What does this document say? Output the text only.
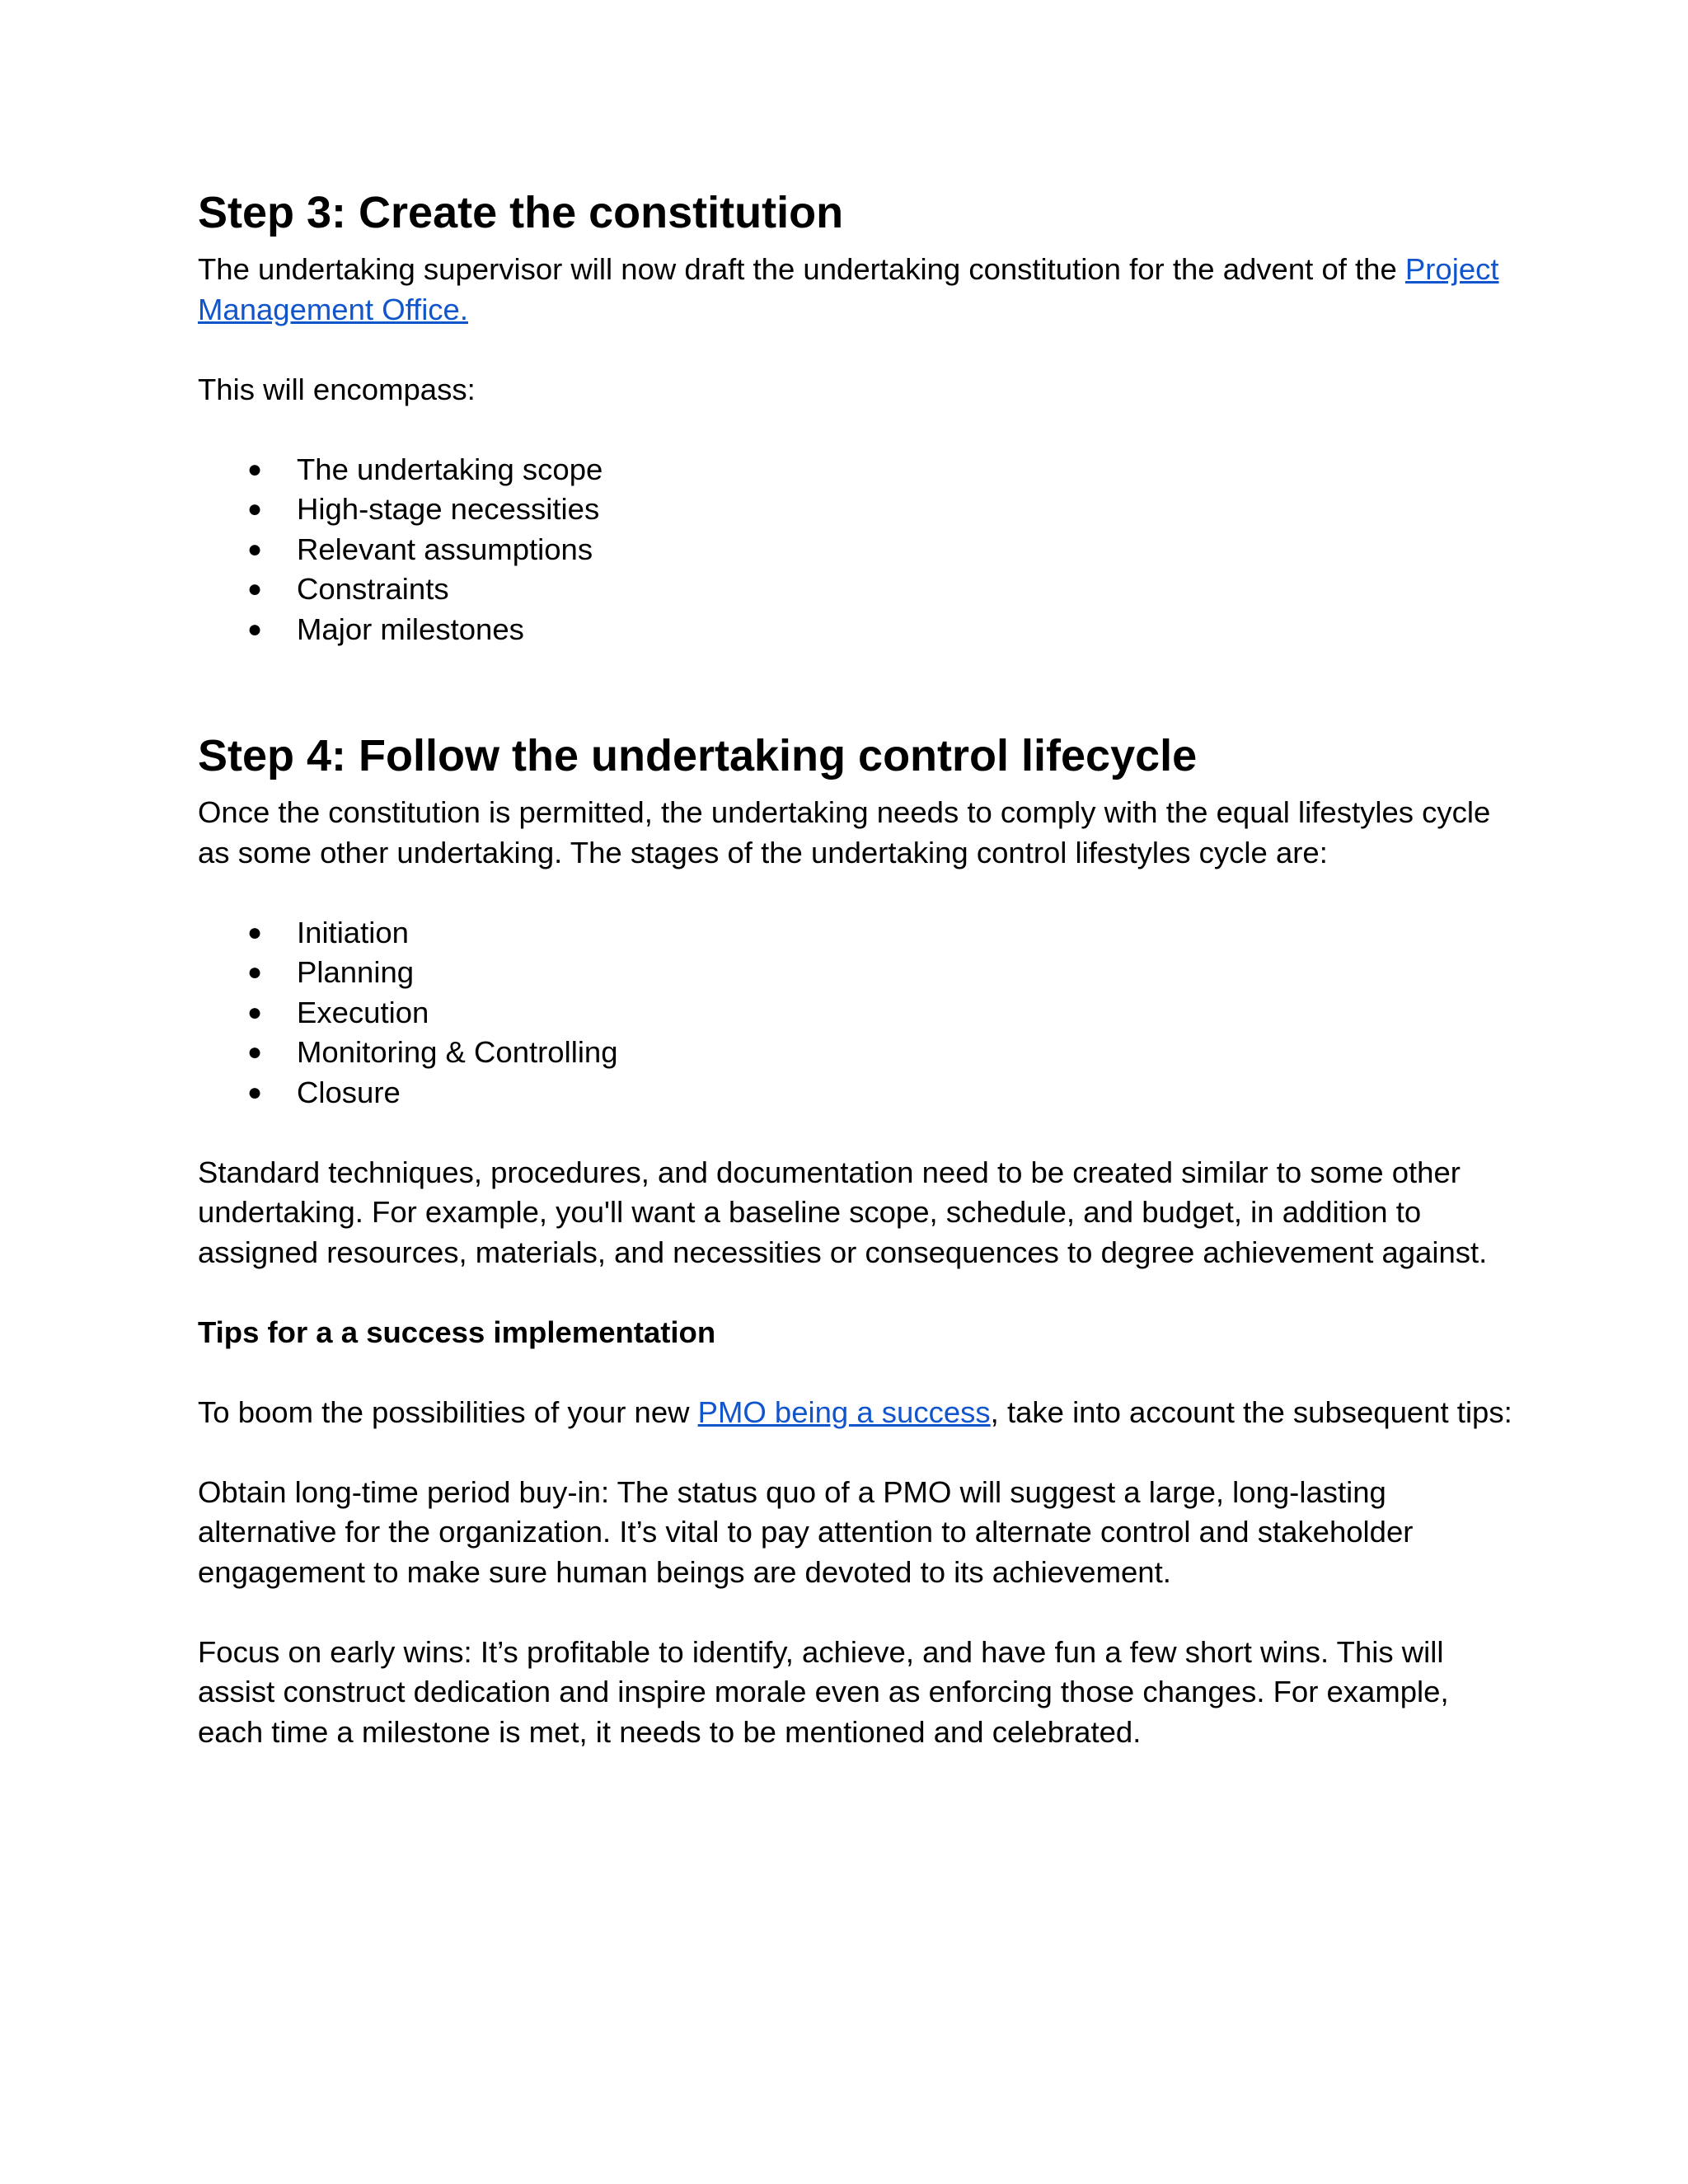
Step 3: Create the constitution

The undertaking supervisor will now draft the undertaking constitution for the advent of the Project Management Office.

This will encompass:

● The undertaking scope
● High-stage necessities
● Relevant assumptions
● Constraints
● Major milestones
Step 4: Follow the undertaking control lifecycle

Once the constitution is permitted, the undertaking needs to comply with the equal lifestyles cycle as some other undertaking. The stages of the undertaking control lifestyles cycle are:

● Initiation
● Planning
● Execution
● Monitoring & Controlling
● Closure

Standard techniques, procedures, and documentation need to be created similar to some other undertaking. For example, you'll want a baseline scope, schedule, and budget, in addition to assigned resources, materials, and necessities or consequences to degree achievement against.

Tips for a a success implementation

To boom the possibilities of your new PMO being a success, take into account the subsequent tips:

Obtain long-time period buy-in: The status quo of a PMO will suggest a large, long-lasting alternative for the organization. It’s vital to pay attention to alternate control and stakeholder engagement to make sure human beings are devoted to its achievement.

Focus on early wins: It’s profitable to identify, achieve, and have fun a few short wins. This will assist construct dedication and inspire morale even as enforcing those changes. For example, each time a milestone is met, it needs to be mentioned and celebrated.
